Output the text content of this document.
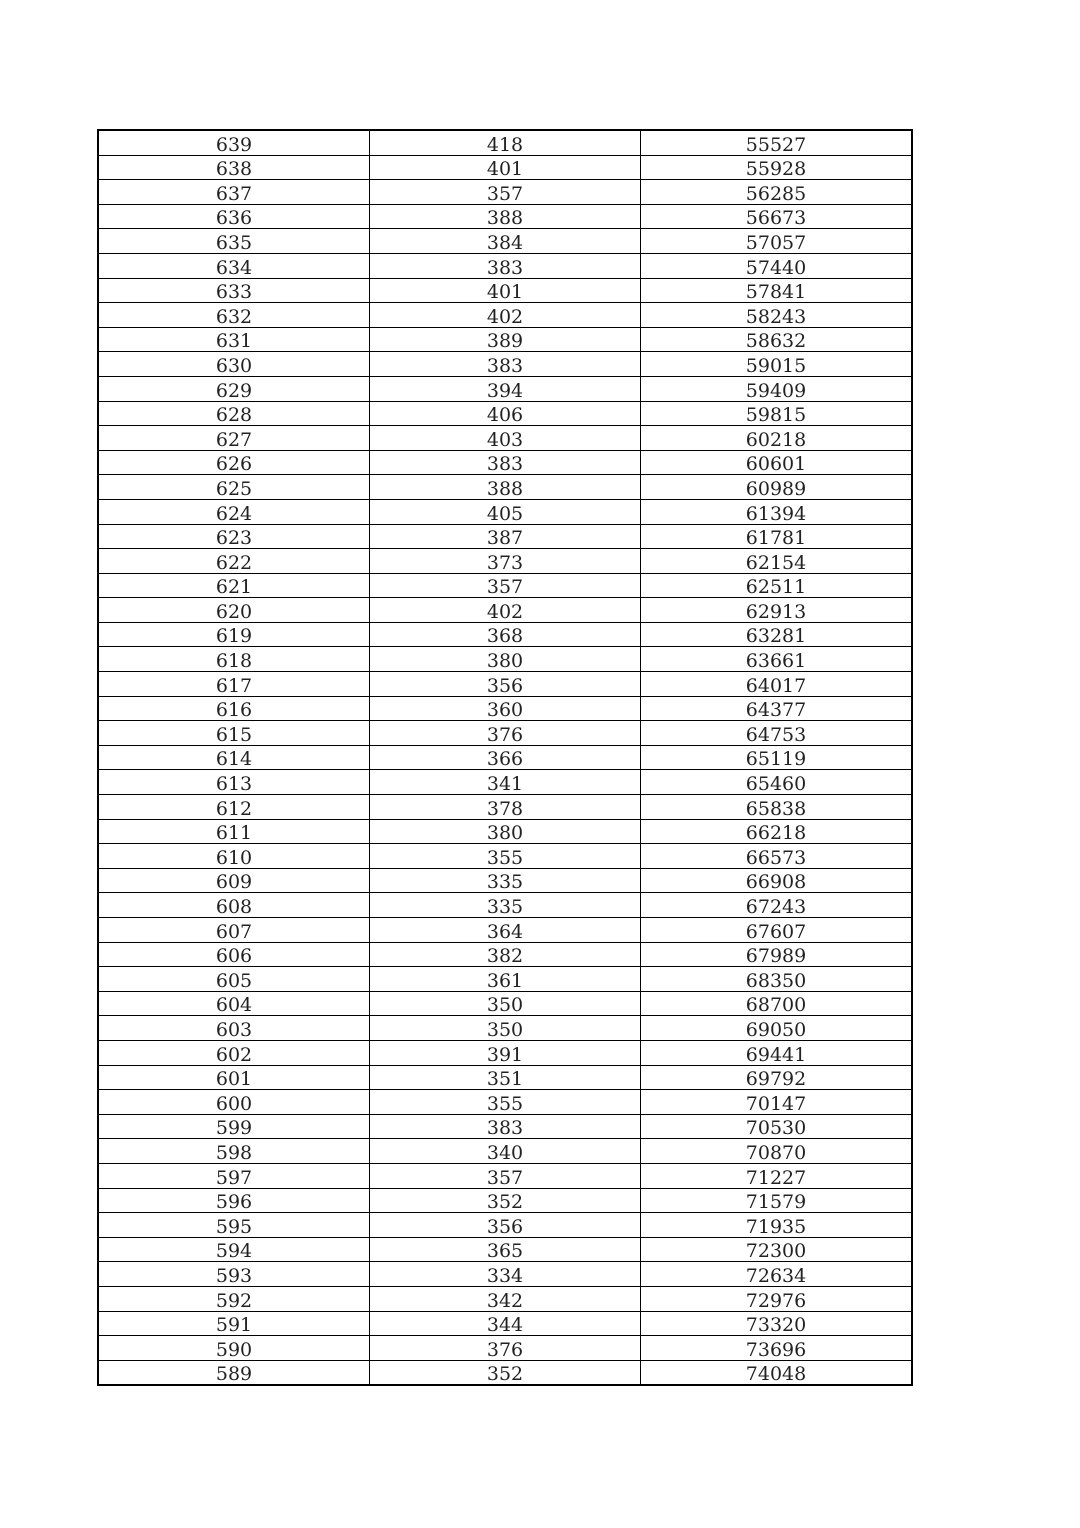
639	418	55527
638	401	55928
637	357	56285
636	388	56673
635	384	57057
634	383	57440
633	401	57841
632	402	58243
631	389	58632
630	383	59015
629	394	59409
628	406	59815
627	403	60218
626	383	60601
625	388	60989
624	405	61394
623	387	61781
622	373	62154
621	357	62511
620	402	62913
619	368	63281
618	380	63661
617	356	64017
616	360	64377
615	376	64753
614	366	65119
613	341	65460
612	378	65838
611	380	66218
610	355	66573
609	335	66908
608	335	67243
607	364	67607
606	382	67989
605	361	68350
604	350	68700
603	350	69050
602	391	69441
601	351	69792
600	355	70147
599	383	70530
598	340	70870
597	357	71227
596	352	71579
595	356	71935
594	365	72300
593	334	72634
592	342	72976
591	344	73320
590	376	73696
589	352	74048
